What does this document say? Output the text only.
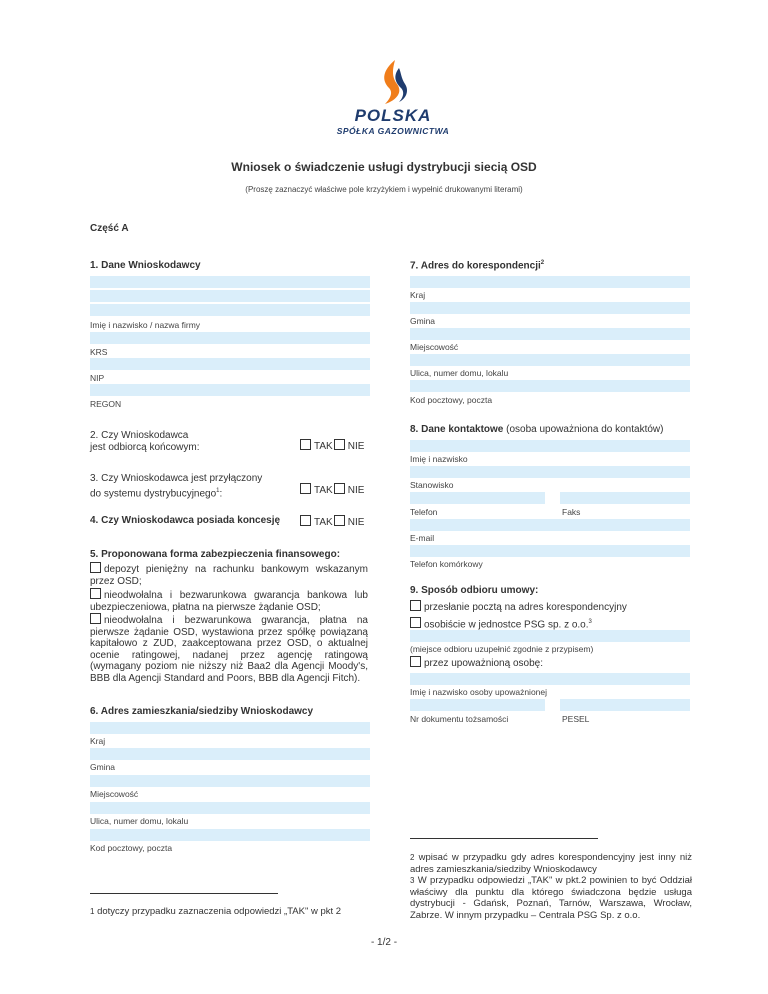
POLSKA
SPÓŁKA GAZOWNICTWA
Wniosek o świadczenie usługi dystrybucji siecią OSD
(Proszę zaznaczyć właściwe pole krzyżykiem i wypełnić drukowanymi literami)
Część A
1. Dane Wnioskodawcy
Imię i nazwisko / nazwa firmy
KRS
NIP
REGON
7. Adres do korespondencji$^2$
Kraj
Gmina
Miejscowość
Ulica, numer domu, lokalu
Kod pocztowy, poczta
2. Czy Wnioskodawca
jest odbiorcą końcowym:	TAK NIE
3. Czy Wnioskodawca jest przyłączony
do systemu dystrybucyjnego$^1$:	TAK NIE
4. Czy Wnioskodawca posiada koncesję	TAK NIE
8. Dane kontaktowe (osoba upoważniona do kontaktów)
Imię i nazwisko
Stanowisko
Telefon	Faks
E-mail
Telefon komórkowy
5. Proponowana forma zabezpieczenia finansowego:
depozyt pieniężny na rachunku bankowym wskazanym przez OSD;
nieodwołalna i bezwarunkowa gwarancja bankowa lub ubezpieczeniowa, płatna na pierwsze żądanie OSD;
nieodwołalna i bezwarunkowa gwarancja, płatna na pierwsze żądanie OSD, wystawiona przez spółkę powiązaną kapitałowo z ZUD, zaakceptowana przez OSD, o aktualnej ocenie ratingowej, nadanej przez agencję ratingową (wymagany poziom nie niższy niż Baa2 dla Agencji Moody's, BBB dla Agencji Standard and Poors, BBB dla Agencji Fitch).
9. Sposób odbioru umowy:
przesłanie pocztą na adres korespondencyjny
osobiście w jednostce PSG sp. z o.o.$^3$
(miejsce odbioru uzupełnić zgodnie z przypisem)
przez upoważnioną osobę:
Imię i nazwisko osoby upoważnionej
Nr dokumentu tożsamości	PESEL
6. Adres zamieszkania/siedziby Wnioskodawcy
Kraj
Gmina
Miejscowość
Ulica, numer domu, lokalu
Kod pocztowy, poczta
2 wpisać w przypadku gdy adres korespondencyjny jest inny niż adres zamieszkania/siedziby Wnioskodawcy
3 W przypadku odpowiedzi „TAK" w pkt.2 powinien to być Oddział właściwy dla punktu dla którego świadczona będzie usługa dystrybucji - Gdańsk, Poznań, Tarnów, Warszawa, Wrocław, Zabrze. W innym przypadku – Centrala PSG Sp. z o.o.
1 dotyczy przypadku zaznaczenia odpowiedzi „TAK" w pkt 2
- 1/2 -
